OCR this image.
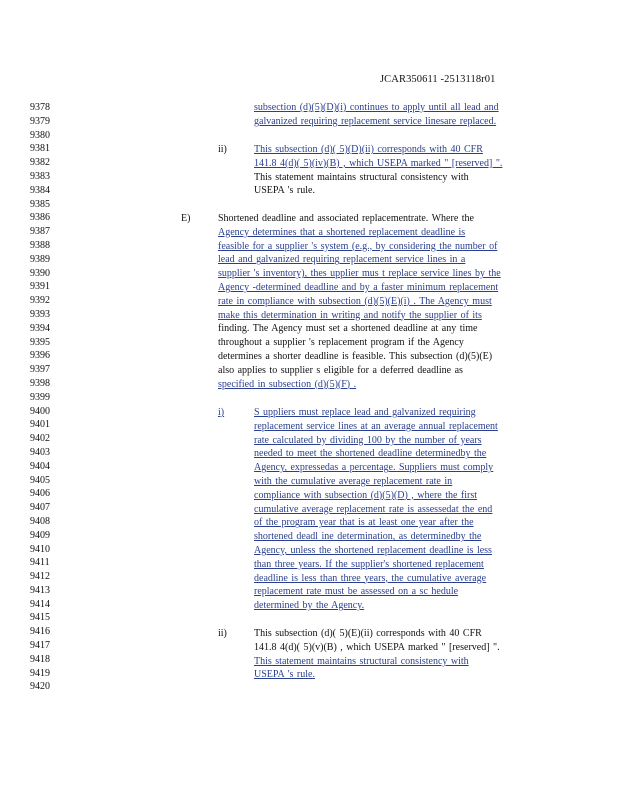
JCAR350611 -2513118r01
9378
9379
9380
9381
9382
9383
9384
9385
9386
9387
9388
9389
9390
9391
9392
9393
9394
9395
9396
9397
9398
9399
9400
9401
9402
9403
9404
9405
9406
9407
9408
9409
9410
9411
9412
9413
9414
9415
9416
9417
9418
9419
9420
subsection (d)(5)(D)(i) continues to apply until all lead and
galvanized requiring replacement service linesare replaced.
ii)	This subsection (d)( 5)(D)(ii) corresponds with 40 CFR
141.8 4(d)( 5)(iv)(B) , which USEPA marked " [reserved] ".
This statement maintains structural consistency with
USEPA 's rule.
E)	Shortened deadline and associated replacementrate. Where the
Agency determines that a shortened replacement deadline is
feasible for a supplier 's system (e.g., by considering the number of
lead and galvanized requiring replacement service lines in a
supplier 's inventory), thes upplier mus t replace service lines by the
Agency -determined deadline and by a faster minimum replacement
rate in compliance with subsection (d)(5)(E)(i) . The Agency must
make this determination in writing and notify the supplier of its
finding. The Agency must set a shortened deadline at any time
throughout a supplier 's replacement program if the Agency
determines a shorter deadline is feasible. This subsection (d)(5)(E)
also applies to supplier s eligible for a deferred deadline as
specified in subsection (d)(5)(F) .
i)	S uppliers must replace lead and galvanized requiring
replacement service lines at an average annual replacement
rate calculated by dividing 100 by the number of years
needed to meet the shortened deadline determinedby the
Agency, expressedas a percentage. Suppliers must comply
with the cumulative average replacement rate in
compliance with subsection (d)(5)(D) , where the first
cumulative average replacement rate is assessedat the end
of the program year that is at least one year after the
shortened deadl ine determination, as determinedby the
Agency, unless the shortened replacement deadline is less
than three years. If the supplier's shortened replacement
deadline is less than three years, the cumulative average
replacement rate must be assessed on a sc hedule
determined by the Agency.
ii)	This subsection (d)( 5)(E)(ii) corresponds with 40 CFR
141.8 4(d)( 5)(v)(B) , which USEPA marked " [reserved] ".
This statement maintains structural consistency with
USEPA 's rule.
